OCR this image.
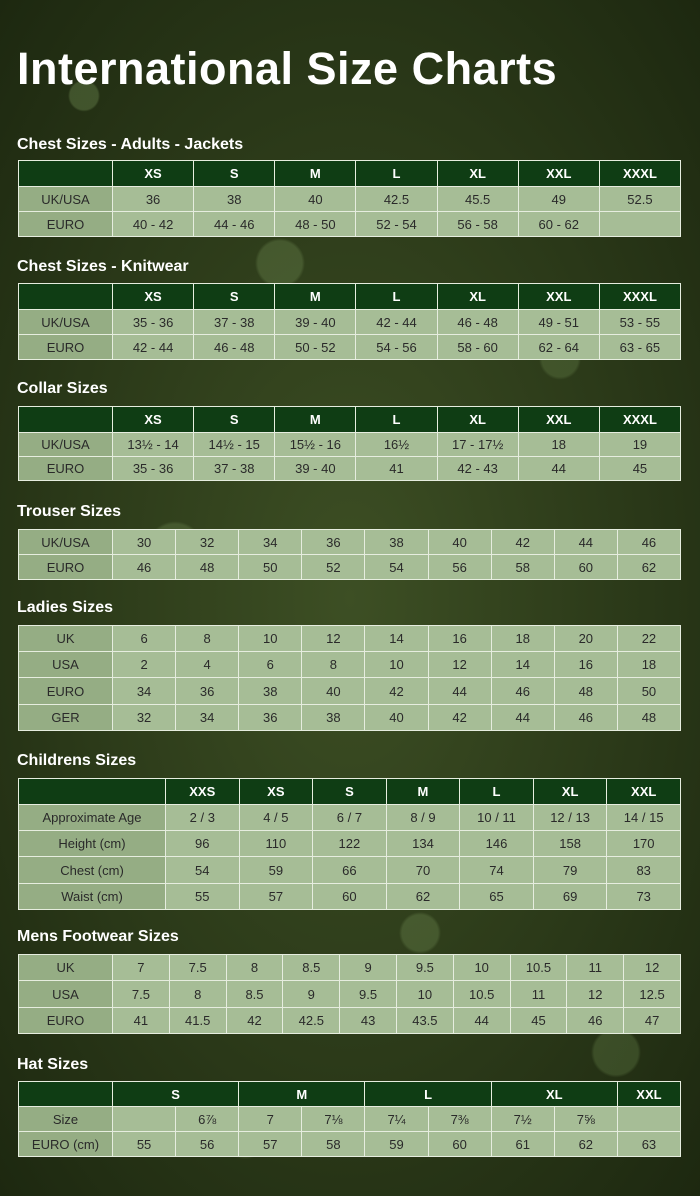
International Size Charts
Chest Sizes - Adults - Jackets
	XS	S	M	L	XL	XXL	XXXL
UK/USA	36	38	40	42.5	45.5	49	52.5
EURO	40 - 42	44 - 46	48 - 50	52 - 54	56 - 58	60 - 62	
Chest Sizes - Knitwear
	XS	S	M	L	XL	XXL	XXXL
UK/USA	35 - 36	37 - 38	39 - 40	42 - 44	46 - 48	49 - 51	53 - 55
EURO	42 - 44	46 - 48	50 - 52	54 - 56	58 - 60	62 - 64	63 - 65
Collar Sizes
	XS	S	M	L	XL	XXL	XXXL
UK/USA	13½ - 14	14½ - 15	15½ - 16	16½	17 - 17½	18	19
EURO	35 - 36	37 - 38	39 - 40	41	42 - 43	44	45
Trouser Sizes
UK/USA	30	32	34	36	38	40	42	44	46
EURO	46	48	50	52	54	56	58	60	62
Ladies Sizes
UK	6	8	10	12	14	16	18	20	22
USA	2	4	6	8	10	12	14	16	18
EURO	34	36	38	40	42	44	46	48	50
GER	32	34	36	38	40	42	44	46	48
Childrens Sizes
	XXS	XS	S	M	L	XL	XXL
Approximate Age	2 / 3	4 / 5	6 / 7	8 / 9	10 / 11	12 / 13	14 / 15
Height (cm)	96	110	122	134	146	158	170
Chest (cm)	54	59	66	70	74	79	83
Waist (cm)	55	57	60	62	65	69	73
Mens Footwear Sizes
UK	7	7.5	8	8.5	9	9.5	10	10.5	11	12
USA	7.5	8	8.5	9	9.5	10	10.5	11	12	12.5
EURO	41	41.5	42	42.5	43	43.5	44	45	46	47
Hat Sizes
	S		M		L		XL		XXL
Size		6⅞	7	7⅛	7¼	7⅜	7½	7⅝	
EURO (cm)	55	56	57	58	59	60	61	62	63
